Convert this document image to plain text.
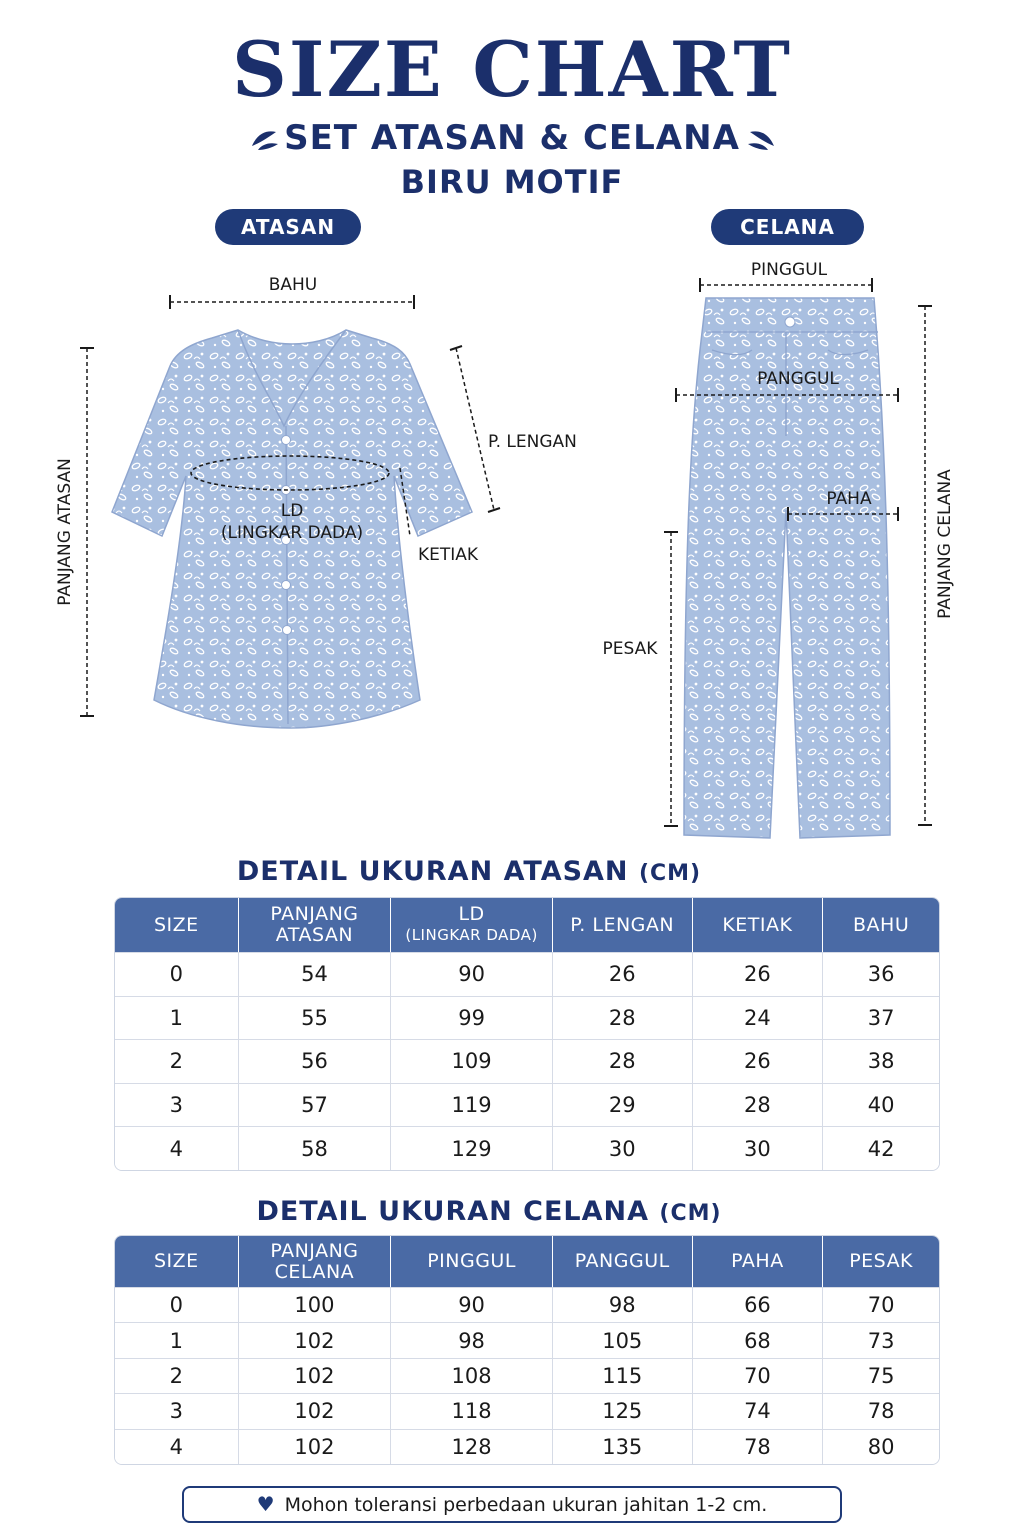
SIZE CHART
SET ATASAN & CELANA
BIRU MOTIF
ATASAN	CELANA
BAHU
P. LENGAN
LD
(LINGKAR DADA)
KETIAK
PANJANG ATASAN
PINGGUL
PANGGUL
PAHA
PESAK
PANJANG CELANA
DETAIL UKURAN ATASAN (CM)
SIZE	PANJANG ATASAN	LD
(LINGKAR DADA)	P. LENGAN	KETIAK	BAHU
0	54	90	26	26	36
1	55	99	28	24	37
2	56	109	28	26	38
3	57	119	29	28	40
4	58	129	30	30	42
DETAIL UKURAN CELANA (CM)
SIZE	PANJANG CELANA	PINGGUL	PANGGUL	PAHA	PESAK
0	100	90	98	66	70
1	102	98	105	68	73
2	102	108	115	70	75
3	102	118	125	74	78
4	102	128	135	78	80
♥ Mohon toleransi perbedaan ukuran jahitan 1-2 cm.
